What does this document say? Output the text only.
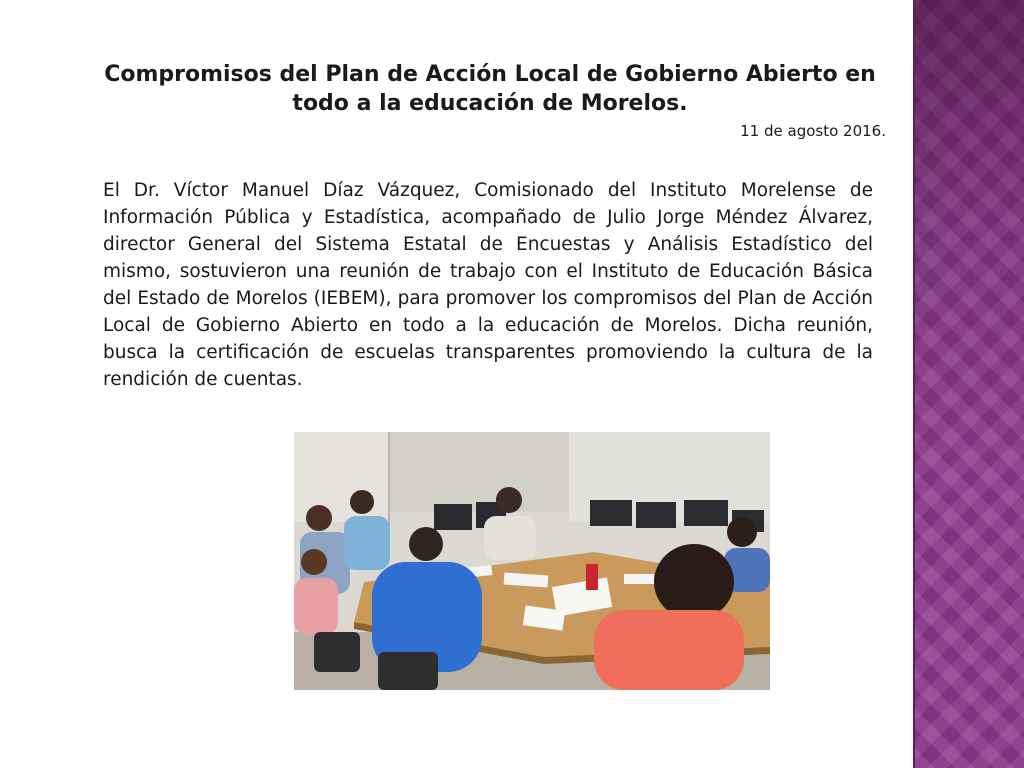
Compromisos del Plan de Acción Local de Gobierno Abierto en todo a la educación de Morelos.
11 de agosto 2016.

El Dr. Víctor Manuel Díaz Vázquez, Comisionado del Instituto Morelense de Información Pública y Estadística, acompañado de Julio Jorge Méndez Álvarez, director General del Sistema Estatal de Encuestas y Análisis Estadístico del mismo, sostuvieron una reunión de trabajo con el Instituto de Educación Básica del Estado de Morelos (IEBEM), para promover los compromisos del Plan de Acción Local de Gobierno Abierto en todo a la educación de Morelos. Dicha reunión, busca la certificación de escuelas transparentes promoviendo la cultura de la rendición de cuentas.
